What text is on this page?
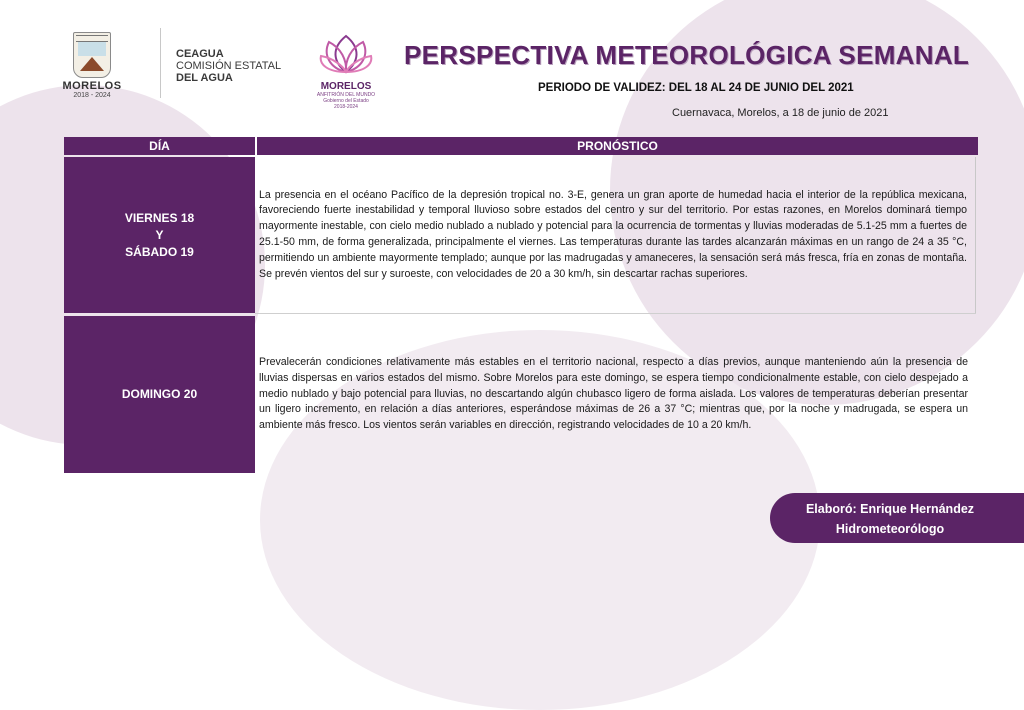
MORELOS
2018 - 2024
CEAGUA
COMISIÓN ESTATAL
DEL AGUA
MORELOS
ANFITRIÓN DEL MUNDO
Gobierno del Estado
2018-2024
PERSPECTIVA METEOROLÓGICA SEMANAL
PERIODO DE VALIDEZ: DEL 18 AL 24 DE JUNIO DEL 2021
Cuernavaca, Morelos, a 18 de junio de 2021
DÍA	PRONÓSTICO
VIERNES 18
Y
SÁBADO 19

La presencia en el océano Pacífico de la depresión tropical no. 3-E, genera un gran aporte de humedad hacia el interior de la república mexicana, favoreciendo fuerte inestabilidad y temporal lluvioso sobre estados del centro y sur del territorio. Por estas razones, en Morelos dominará tiempo mayormente inestable, con cielo medio nublado a nublado y potencial para la ocurrencia de tormentas y lluvias moderadas de 5.1-25 mm a fuertes de 25.1-50 mm, de forma generalizada, principalmente el viernes. Las temperaturas durante las tardes alcanzarán máximas en un rango de 24 a 35 °C, permitiendo un ambiente mayormente templado; aunque por las madrugadas y amaneceres, la sensación será más fresca, fría en zonas de montaña. Se prevén vientos del sur y suroeste, con velocidades de 20 a 30 km/h, sin descartar rachas superiores.

DOMINGO 20

Prevalecerán condiciones relativamente más estables en el territorio nacional, respecto a días previos, aunque manteniendo aún la presencia de lluvias dispersas en varios estados del mismo. Sobre Morelos para este domingo, se espera tiempo condicionalmente estable, con cielo despejado a medio nublado y bajo potencial para lluvias, no descartando algún chubasco ligero de forma aislada. Los valores de temperaturas deberían presentar un ligero incremento, en relación a días anteriores, esperándose máximas de 26 a 37 °C; mientras que, por la noche y madrugada, se espera un ambiente más fresco. Los vientos serán variables en dirección, registrando velocidades de 10 a 20 km/h.

Elaboró: Enrique Hernández
Hidrometeorólogo
